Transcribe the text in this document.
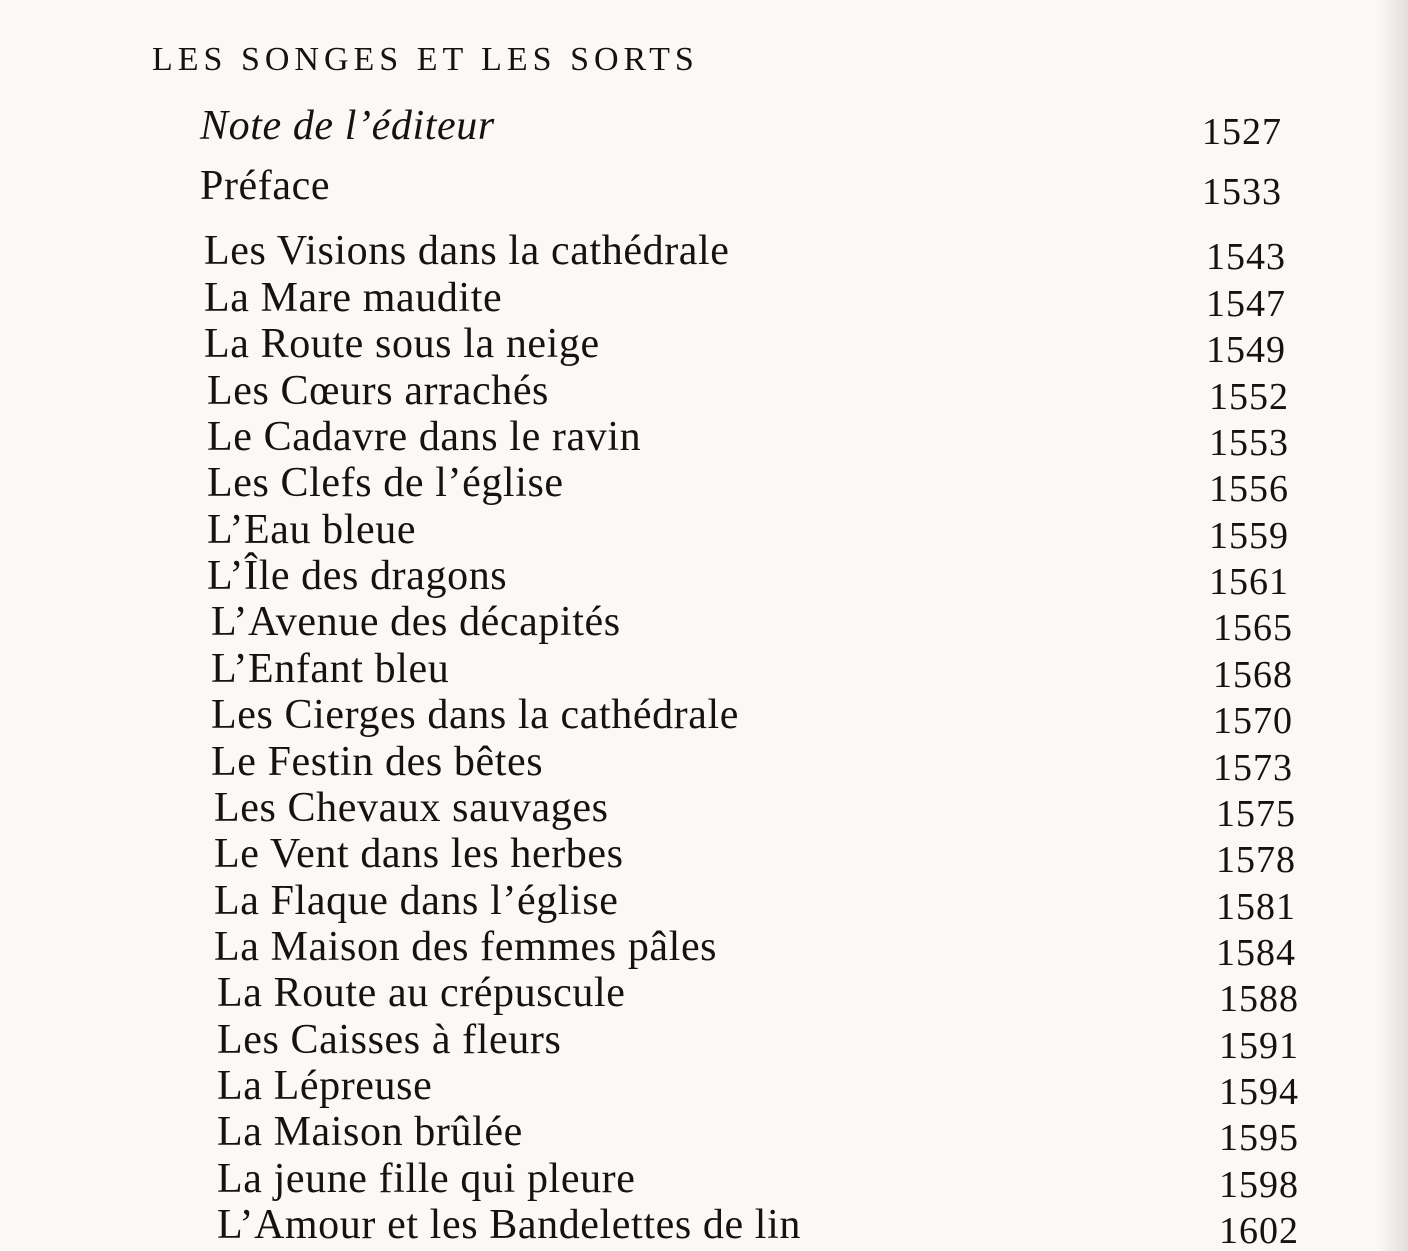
LES SONGES ET LES SORTS
Note de l’éditeur	1527
Préface	1533
Les Visions dans la cathédrale	1543
La Mare maudite	1547
La Route sous la neige	1549
Les Cœurs arrachés	1552
Le Cadavre dans le ravin	1553
Les Clefs de l’église	1556
L’Eau bleue	1559
L’Île des dragons	1561
L’Avenue des décapités	1565
L’Enfant bleu	1568
Les Cierges dans la cathédrale	1570
Le Festin des bêtes	1573
Les Chevaux sauvages	1575
Le Vent dans les herbes	1578
La Flaque dans l’église	1581
La Maison des femmes pâles	1584
La Route au crépuscule	1588
Les Caisses à fleurs	1591
La Lépreuse	1594
La Maison brûlée	1595
La jeune fille qui pleure	1598
L’Amour et les Bandelettes de lin	1602
